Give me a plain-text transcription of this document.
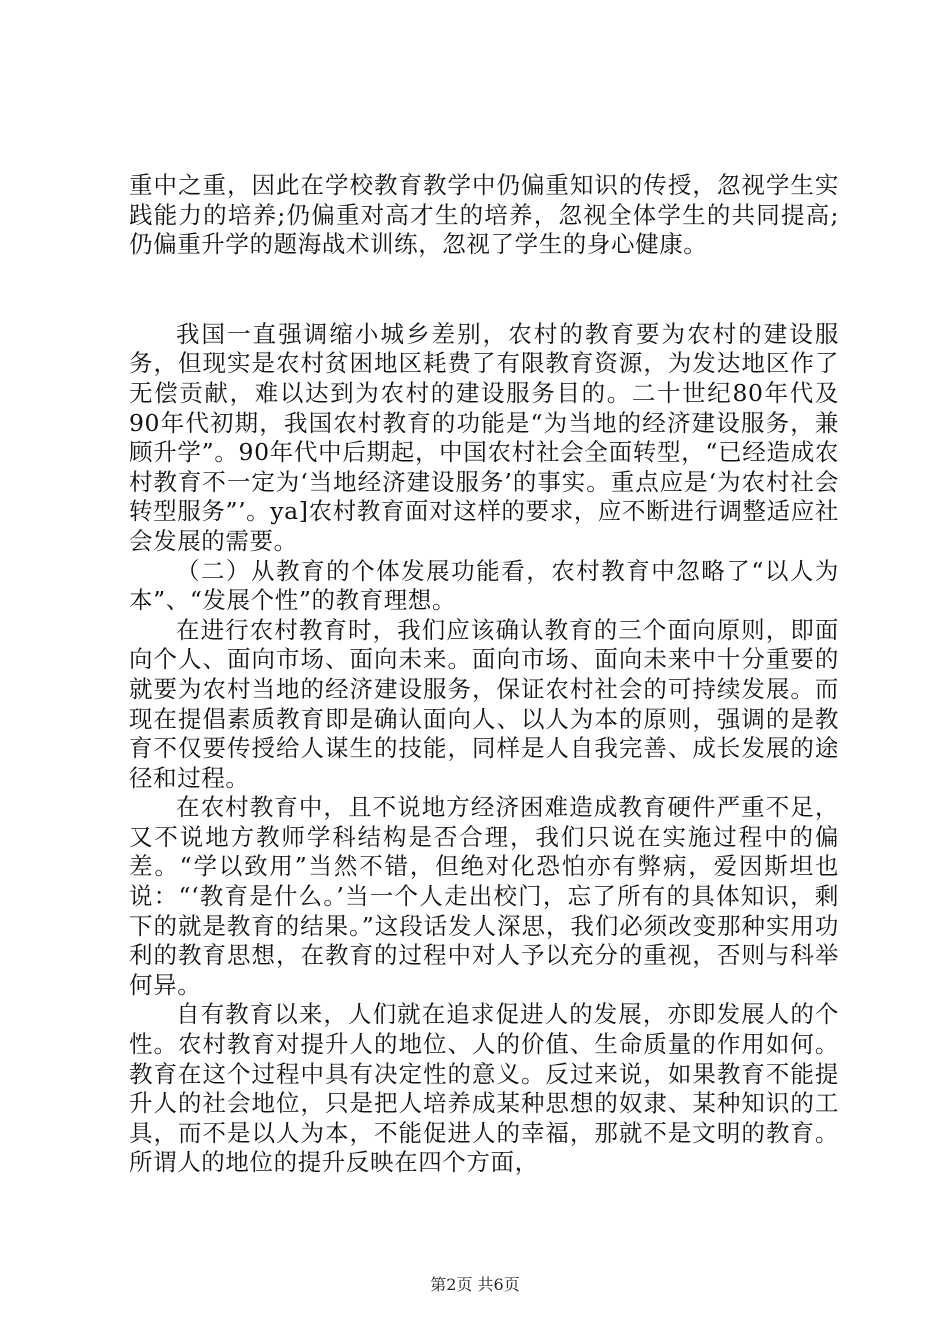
重中之重，因此在学校教育教学中仍偏重知识的传授，忽视学生实践能力的培养;仍偏重对高才生的培养，忽视全体学生的共同提高;仍偏重升学的题海战术训练，忽视了学生的身心健康。

我国一直强调缩小城乡差别，农村的教育要为农村的建设服务，但现实是农村贫困地区耗费了有限教育资源，为发达地区作了无偿贡献，难以达到为农村的建设服务目的。二十世纪80年代及90年代初期，我国农村教育的功能是“为当地的经济建设服务，兼顾升学”。90年代中后期起，中国农村社会全面转型，“已经造成农村教育不一定为‘当地经济建设服务’的事实。重点应是‘为农村社会转型服务”’。ya]农村教育面对这样的要求，应不断进行调整适应社会发展的需要。

（二）从教育的个体发展功能看，农村教育中忽略了“以人为本”、“发展个性”的教育理想。

在进行农村教育时，我们应该确认教育的三个面向原则，即面向个人、面向市场、面向未来。面向市场、面向未来中十分重要的就要为农村当地的经济建设服务，保证农村社会的可持续发展。而现在提倡素质教育即是确认面向人、以人为本的原则，强调的是教育不仅要传授给人谋生的技能，同样是人自我完善、成长发展的途径和过程。

在农村教育中，且不说地方经济困难造成教育硬件严重不足，又不说地方教师学科结构是否合理，我们只说在实施过程中的偏差。“学以致用”当然不错，但绝对化恐怕亦有弊病，爱因斯坦也说：“‘教育是什么。’当一个人走出校门，忘了所有的具体知识，剩下的就是教育的结果。”这段话发人深思，我们必须改变那种实用功利的教育思想，在教育的过程中对人予以充分的重视，否则与科举何异。

自有教育以来，人们就在追求促进人的发展，亦即发展人的个性。农村教育对提升人的地位、人的价值、生命质量的作用如何。教育在这个过程中具有决定性的意义。反过来说，如果教育不能提升人的社会地位，只是把人培养成某种思想的奴隶、某种知识的工具，而不是以人为本，不能促进人的幸福，那就不是文明的教育。所谓人的地位的提升反映在四个方面，

第2页 共6页
